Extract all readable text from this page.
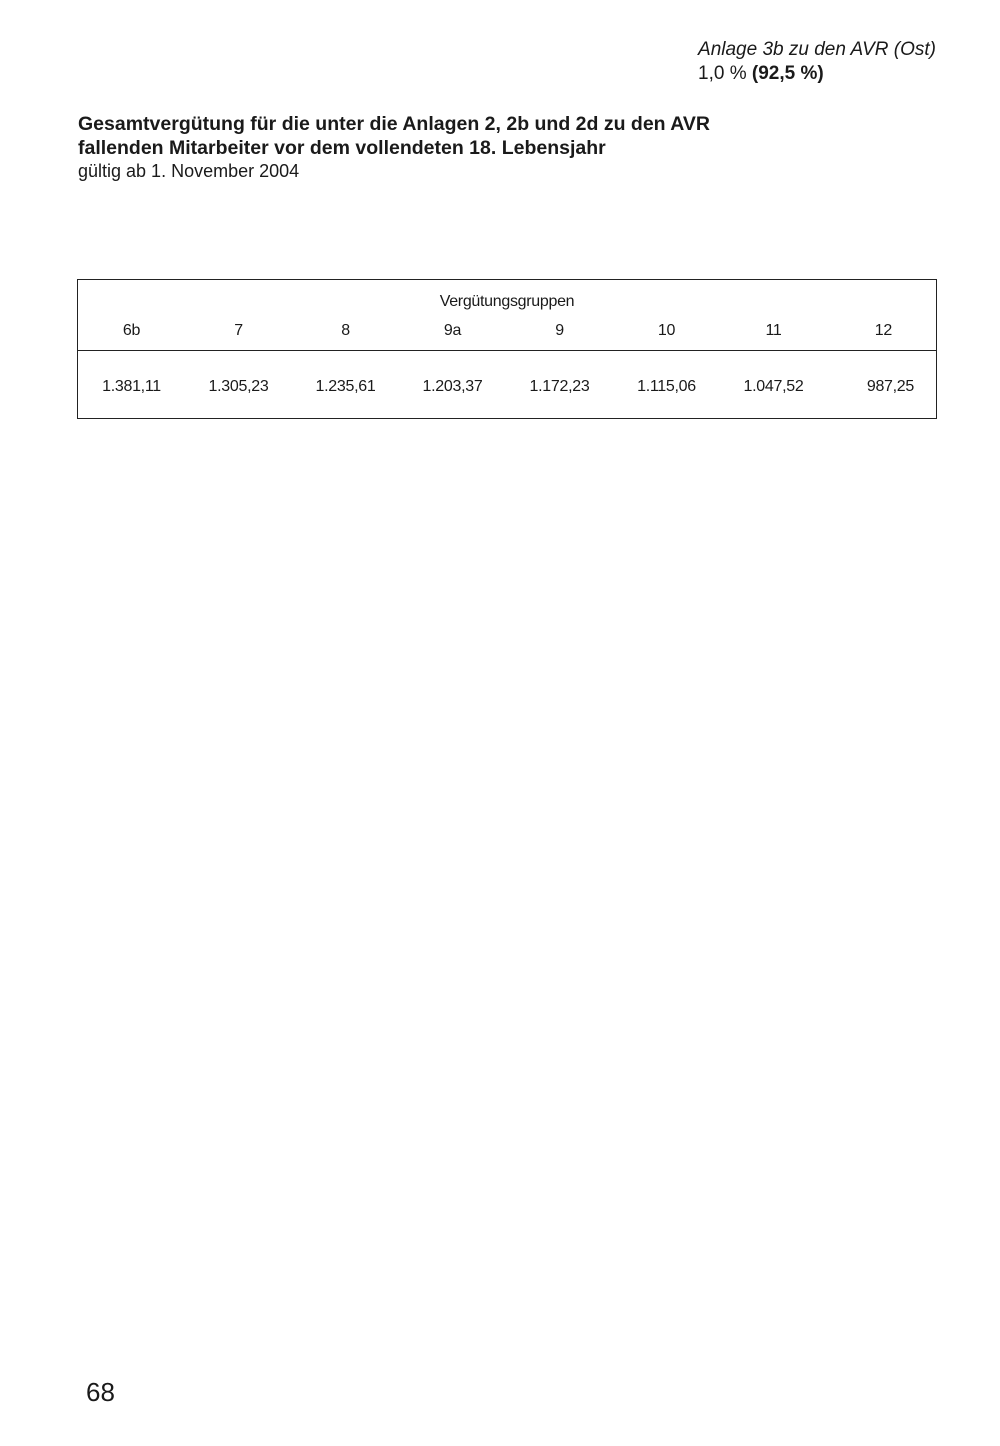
Anlage 3b zu den AVR (Ost)
1,0 % (92,5 %)

Gesamtvergütung für die unter die Anlagen 2, 2b und 2d zu den AVR

fallenden Mitarbeiter vor dem vollendeten 18. Lebensjahr

gültig ab 1. November 2004

Vergütungsgruppen
6b	7	8	9a	9	10	11	12
1.381,11	1.305,23	1.235,61	1.203,37	1.172,23	1.115,06	1.047,52	987,25
68
